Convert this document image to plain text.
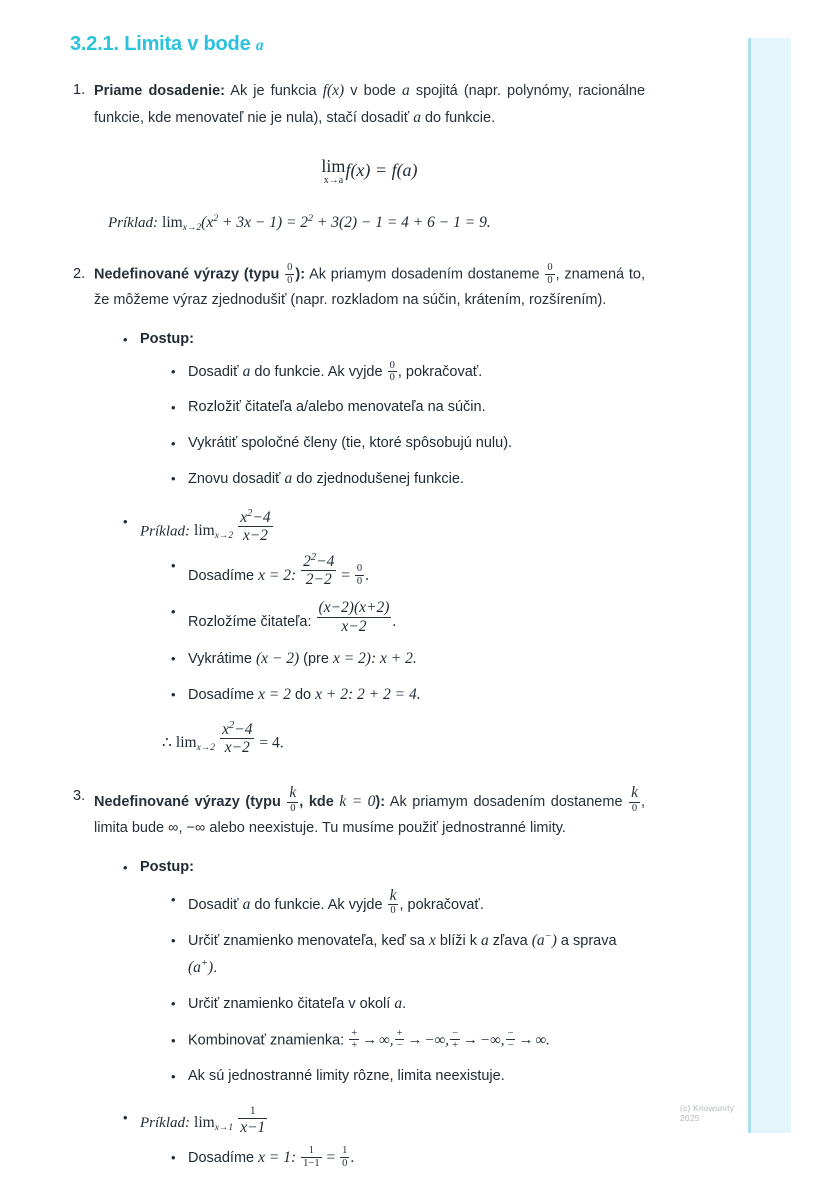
3.2.1. Limita v bode a
1. Priame dosadenie: Ak je funkcia f(x) v bode a spojitá (napr. polynómy, racionálne funkcie, kde menovateľ nie je nula), stačí dosadiť a do funkcie.
lim
x→a
f(x) = f(a)
Príklad: $\lim x\to 2(x^2 + 3x - 1) = 2^2 + 3(2) - 1 = 4 + 6 - 1 = 9$.
2. Nedefinované výrazy (typu $\frac{0}{0}$ ): Ak priamym dosadením dostaneme $\frac{0}{0}$ , znamená to, že môžeme výraz zjednodušiť (napr. rozkladom na súčin, krátením, rozšírením).
• Postup:
• Dosadiť a do funkcie. Ak vyjde $\frac{0}{0}$ , pokračovať.
• Rozložiť čitateľa a/alebo menovateľa na súčin.
• Vykrátiť spoločné členy (tie, ktoré spôsobujú nulu).
• Znovu dosadiť a do zjednodušenej funkcie.
•
Príklad: $\lim x\to 2 \frac{x^2-4}{x-2}$
•
Dosadíme x = 2: $\frac{2^2-4}{2-2} = \frac{0}{0}$ .
•
Rozložíme čitateľa: $\frac{(x-2)(x+2)}{x-2}$ .
• Vykrátime (x − 2) (pre x = 2): x + 2.
• Dosadíme x = 2 do x + 2: 2 + 2 = 4.
∴ $\lim x\to 2 \frac{x^2-4}{x-2} = 4$.
3. Nedefinované výrazy (typu $\frac{k}{0}$ , kde k = 0): Ak priamym dosadením dostaneme $\frac{k}{0}$ , limita bude ∞, −∞ alebo neexistuje. Tu musíme použiť jednostranné limity.
• Postup:
• Dosadiť a do funkcie. Ak vyjde $\frac{k}{0}$ , pokračovať.
• Určiť znamienko menovateľa, keď sa x blíži k a zľava (a−) a sprava (a+).
• Určiť znamienko čitateľa v okolí a.
• Kombinovať znamienka: $\frac{+}{+}$ → ∞, $\frac{+}{-}$ → −∞, $\frac{-}{+}$ → −∞, $\frac{-}{-}$ → ∞.
• Ak sú jednostranné limity rôzne, limita neexistuje.
• Príklad: $\lim x\to 1 \frac{1}{x-1}$
• Dosadíme x = 1: $\frac{1}{1-1} = \frac{1}{0}$ .
(c) Knowunity 2025
